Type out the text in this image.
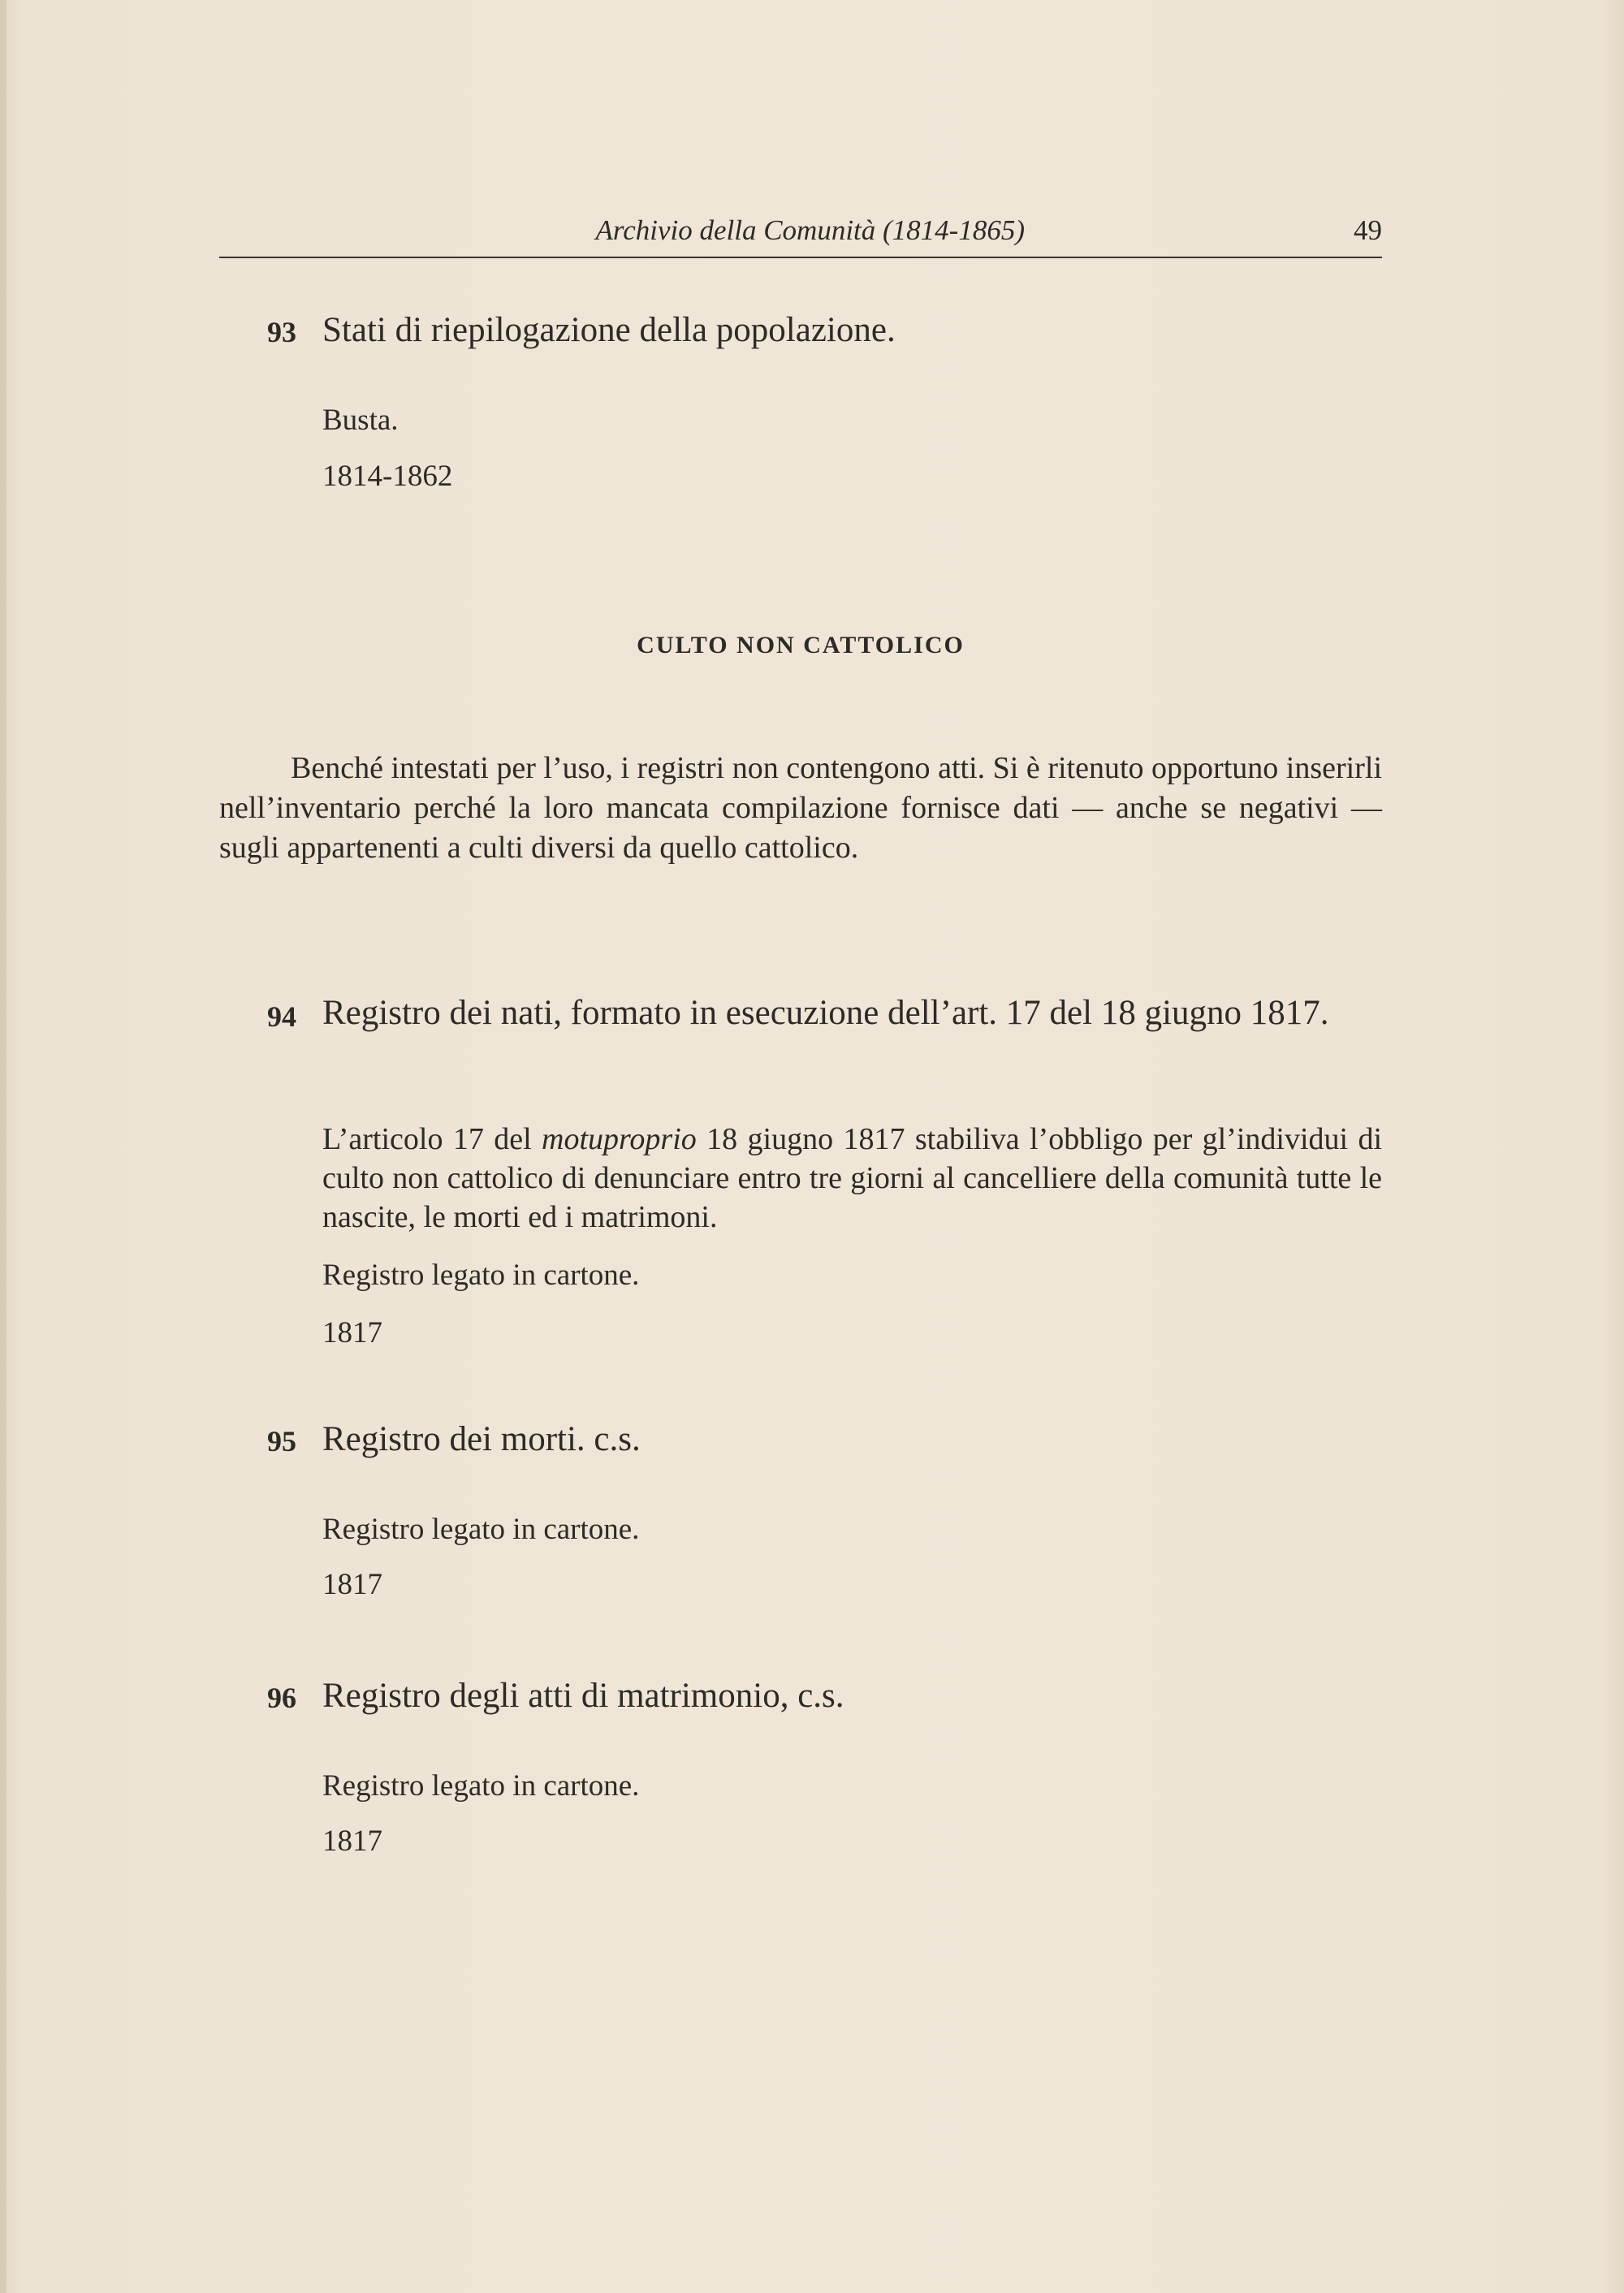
Archivio della Comunità (1814-1865)	49
93 Stati di riepilogazione della popolazione.
Busta.
1814-1862
CULTO NON CATTOLICO
Benché intestati per l’uso, i registri non contengono atti. Si è ritenuto opportuno inserirli nell’inventario perché la loro mancata compilazione fornisce dati — anche se negativi — sugli appartenenti a culti diversi da quello cattolico.
94 Registro dei nati, formato in esecuzione dell’art. 17 del 18 giugno 1817.
L’articolo 17 del motuproprio 18 giugno 1817 stabiliva l’obbligo per gl’individui di culto non cattolico di denunciare entro tre giorni al cancelliere della comunità tutte le nascite, le morti ed i matrimoni.
Registro legato in cartone.
1817
95 Registro dei morti. c.s.
Registro legato in cartone.
1817
96 Registro degli atti di matrimonio, c.s.
Registro legato in cartone.
1817
